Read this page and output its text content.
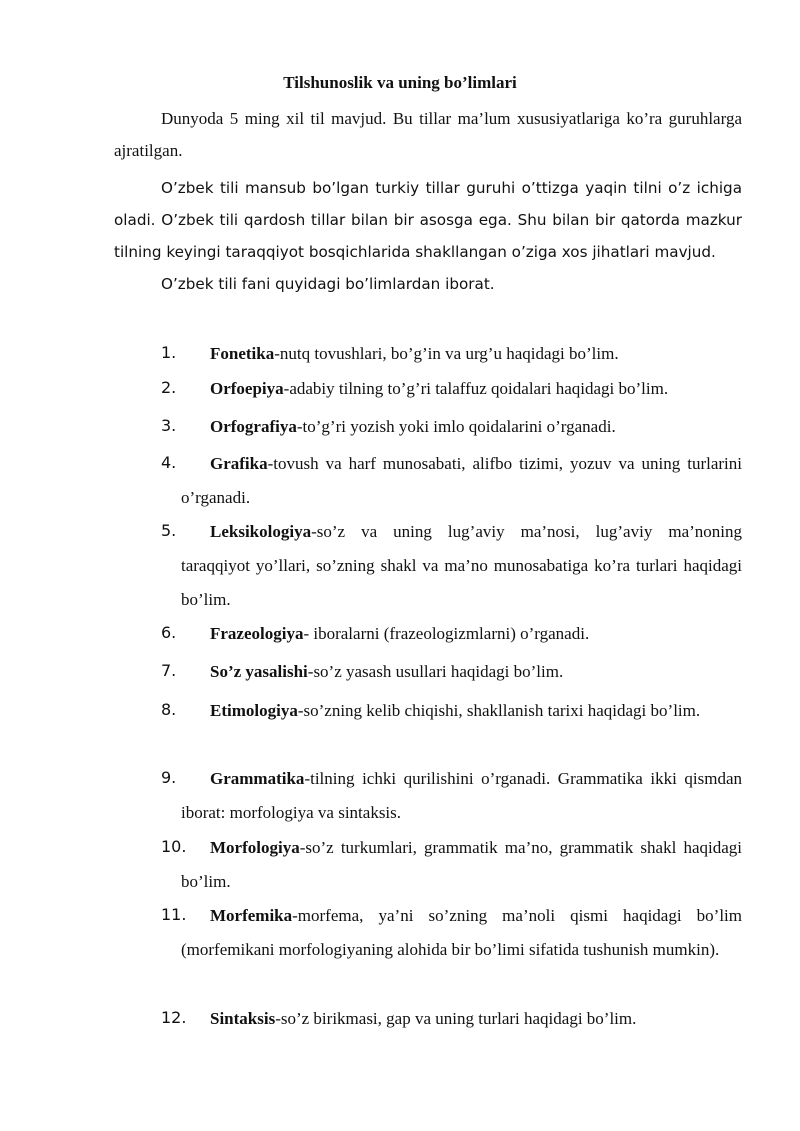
Tilshunoslik va uning bo’limlari

Dunyoda 5 ming xil til mavjud. Bu tillar ma’lum xususiyatlariga ko’ra guruhlarga ajratilgan.

O’zbek tili mansub bo’lgan turkiy tillar guruhi o’ttizga yaqin tilni o’z ichiga oladi. O’zbek tili qardosh tillar bilan bir asosga ega. Shu bilan bir qatorda mazkur tilning keyingi taraqqiyot bosqichlarida shakllangan o’ziga xos jihatlari mavjud.

O’zbek tili fani quyidagi bo’limlardan iborat.

1.	Fonetika-nutq tovushlari, bo’g’in va urg’u haqidagi bo’lim.

2.	Orfoepiya-adabiy tilning to’g’ri talaffuz qoidalari haqidagi bo’lim.

3.	Orfografiya-to’g’ri yozish yoki imlo qoidalarini o’rganadi.

4.	Grafika-tovush va harf munosabati, alifbo tizimi, yozuv va uning turlarini o’rganadi.

5.	Leksikologiya-so’z va uning lug’aviy ma’nosi, lug’aviy ma’noning taraqqiyot yo’llari, so’zning shakl va ma’no munosabatiga ko’ra turlari haqidagi bo’lim.

6.	Frazeologiya- iboralarni (frazeologizmlarni) o’rganadi.

7.	So’z yasalishi-so’z yasash usullari haqidagi bo’lim.

8.	Etimologiya-so’zning kelib chiqishi, shakllanish tarixi haqidagi bo’lim.

9.	Grammatika-tilning ichki qurilishini o’rganadi. Grammatika ikki qismdan iborat: morfologiya va sintaksis.

10.	Morfologiya-so’z turkumlari, grammatik ma’no, grammatik shakl haqidagi bo’lim.

11.	Morfemika-morfema, ya’ni so’zning ma’noli qismi haqidagi bo’lim (morfemikani morfologiyaning alohida bir bo’limi sifatida tushunish mumkin).

12.	Sintaksis-so’z birikmasi, gap va uning turlari haqidagi bo’lim.
